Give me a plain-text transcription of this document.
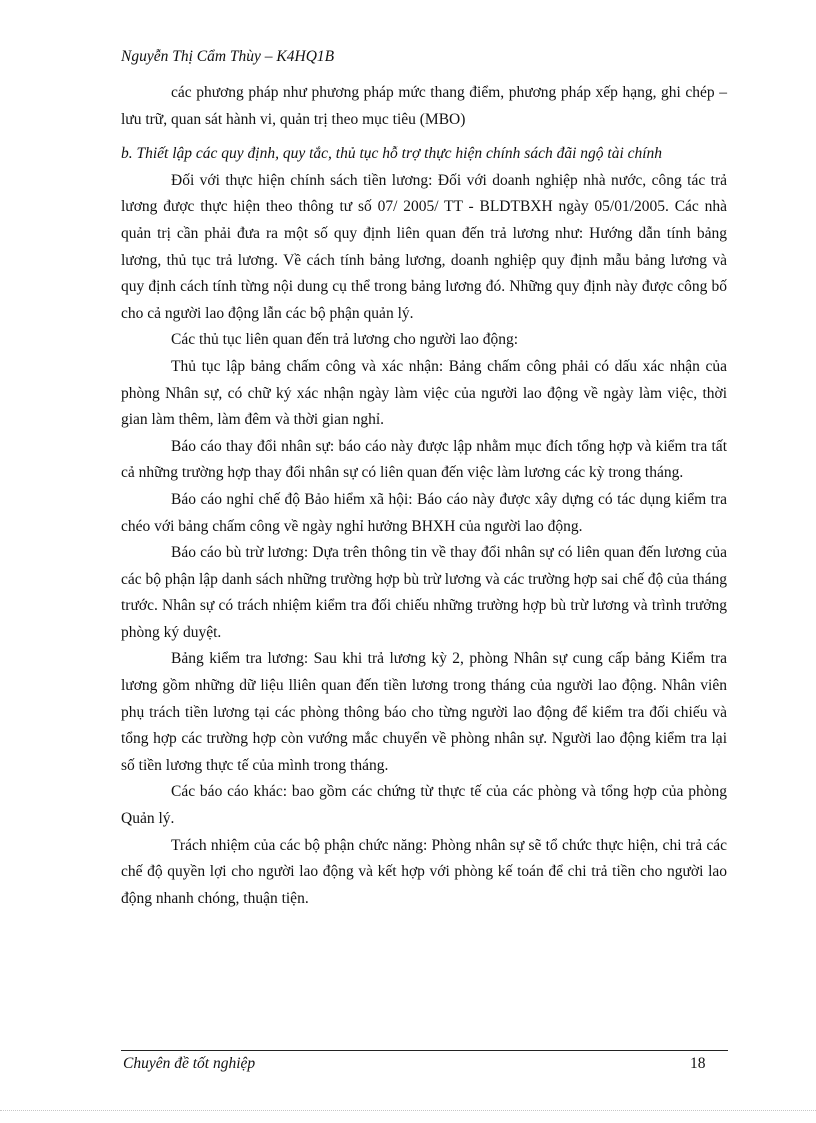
Nguyễn Thị Cẩm Thùy – K4HQ1B

các phương pháp như phương pháp mức thang điểm, phương pháp xếp hạng, ghi chép – lưu trữ, quan sát hành vi, quản trị theo mục tiêu (MBO)

b. Thiết lập các quy định, quy tắc, thủ tục hỗ trợ thực hiện chính sách đãi ngộ tài chính

Đối với thực hiện chính sách tiền lương: Đối với doanh nghiệp nhà nước, công tác trả lương được thực hiện theo thông tư số 07/ 2005/ TT - BLDTBXH ngày 05/01/2005. Các nhà quản trị cần phải đưa ra một số quy định liên quan đến trả lương như: Hướng dẫn tính bảng lương, thủ tục trả lương. Về cách tính bảng lương, doanh nghiệp quy định mẫu bảng lương và quy định cách tính từng nội dung cụ thể trong bảng lương đó. Những quy định này được công bố cho cả người lao động lẫn các bộ phận quản lý.

Các thủ tục liên quan đến trả lương cho người lao động:

Thủ tục lập bảng chấm công và xác nhận: Bảng chấm công phải có dấu xác nhận của phòng Nhân sự, có chữ ký xác nhận ngày làm việc của người lao động về ngày làm việc, thời gian làm thêm, làm đêm và thời gian nghỉ.

Báo cáo thay đổi nhân sự: báo cáo này được lập nhằm mục đích tổng hợp và kiểm tra tất cả những trường hợp thay đổi nhân sự có liên quan đến việc làm lương các kỳ trong tháng.

Báo cáo nghỉ chế độ Bảo hiểm xã hội: Báo cáo này được xây dựng có tác dụng kiểm tra chéo với bảng chấm công về ngày nghỉ hưởng BHXH của người lao động.

Báo cáo bù trừ lương: Dựa trên thông tin về thay đổi nhân sự có liên quan đến lương của các bộ phận lập danh sách những trường hợp bù trừ lương và các trường hợp sai chế độ của tháng trước. Nhân sự có trách nhiệm kiểm tra đối chiếu những trường hợp bù trừ lương và trình trưởng phòng ký duyệt.

Bảng kiểm tra lương: Sau khi trả lương kỳ 2, phòng Nhân sự cung cấp bảng Kiểm tra lương gồm những dữ liệu lliên quan đến tiền lương trong tháng của người lao động. Nhân viên phụ trách tiền lương tại các phòng thông báo cho từng người lao động để kiểm tra đối chiếu và tổng hợp các trường hợp còn vướng mắc chuyển về phòng nhân sự. Người lao động kiểm tra lại số tiền lương thực tế của mình trong tháng.

Các báo cáo khác: bao gồm các chứng từ thực tế của các phòng và tổng hợp của phòng Quản lý.

Trách nhiệm của các bộ phận chức năng: Phòng nhân sự sẽ tổ chức thực hiện, chi trả các chế độ quyền lợi cho người lao động và kết hợp với phòng kế toán để chi trả tiền cho người lao động nhanh chóng, thuận tiện.

Chuyên đề tốt nghiệp	18
